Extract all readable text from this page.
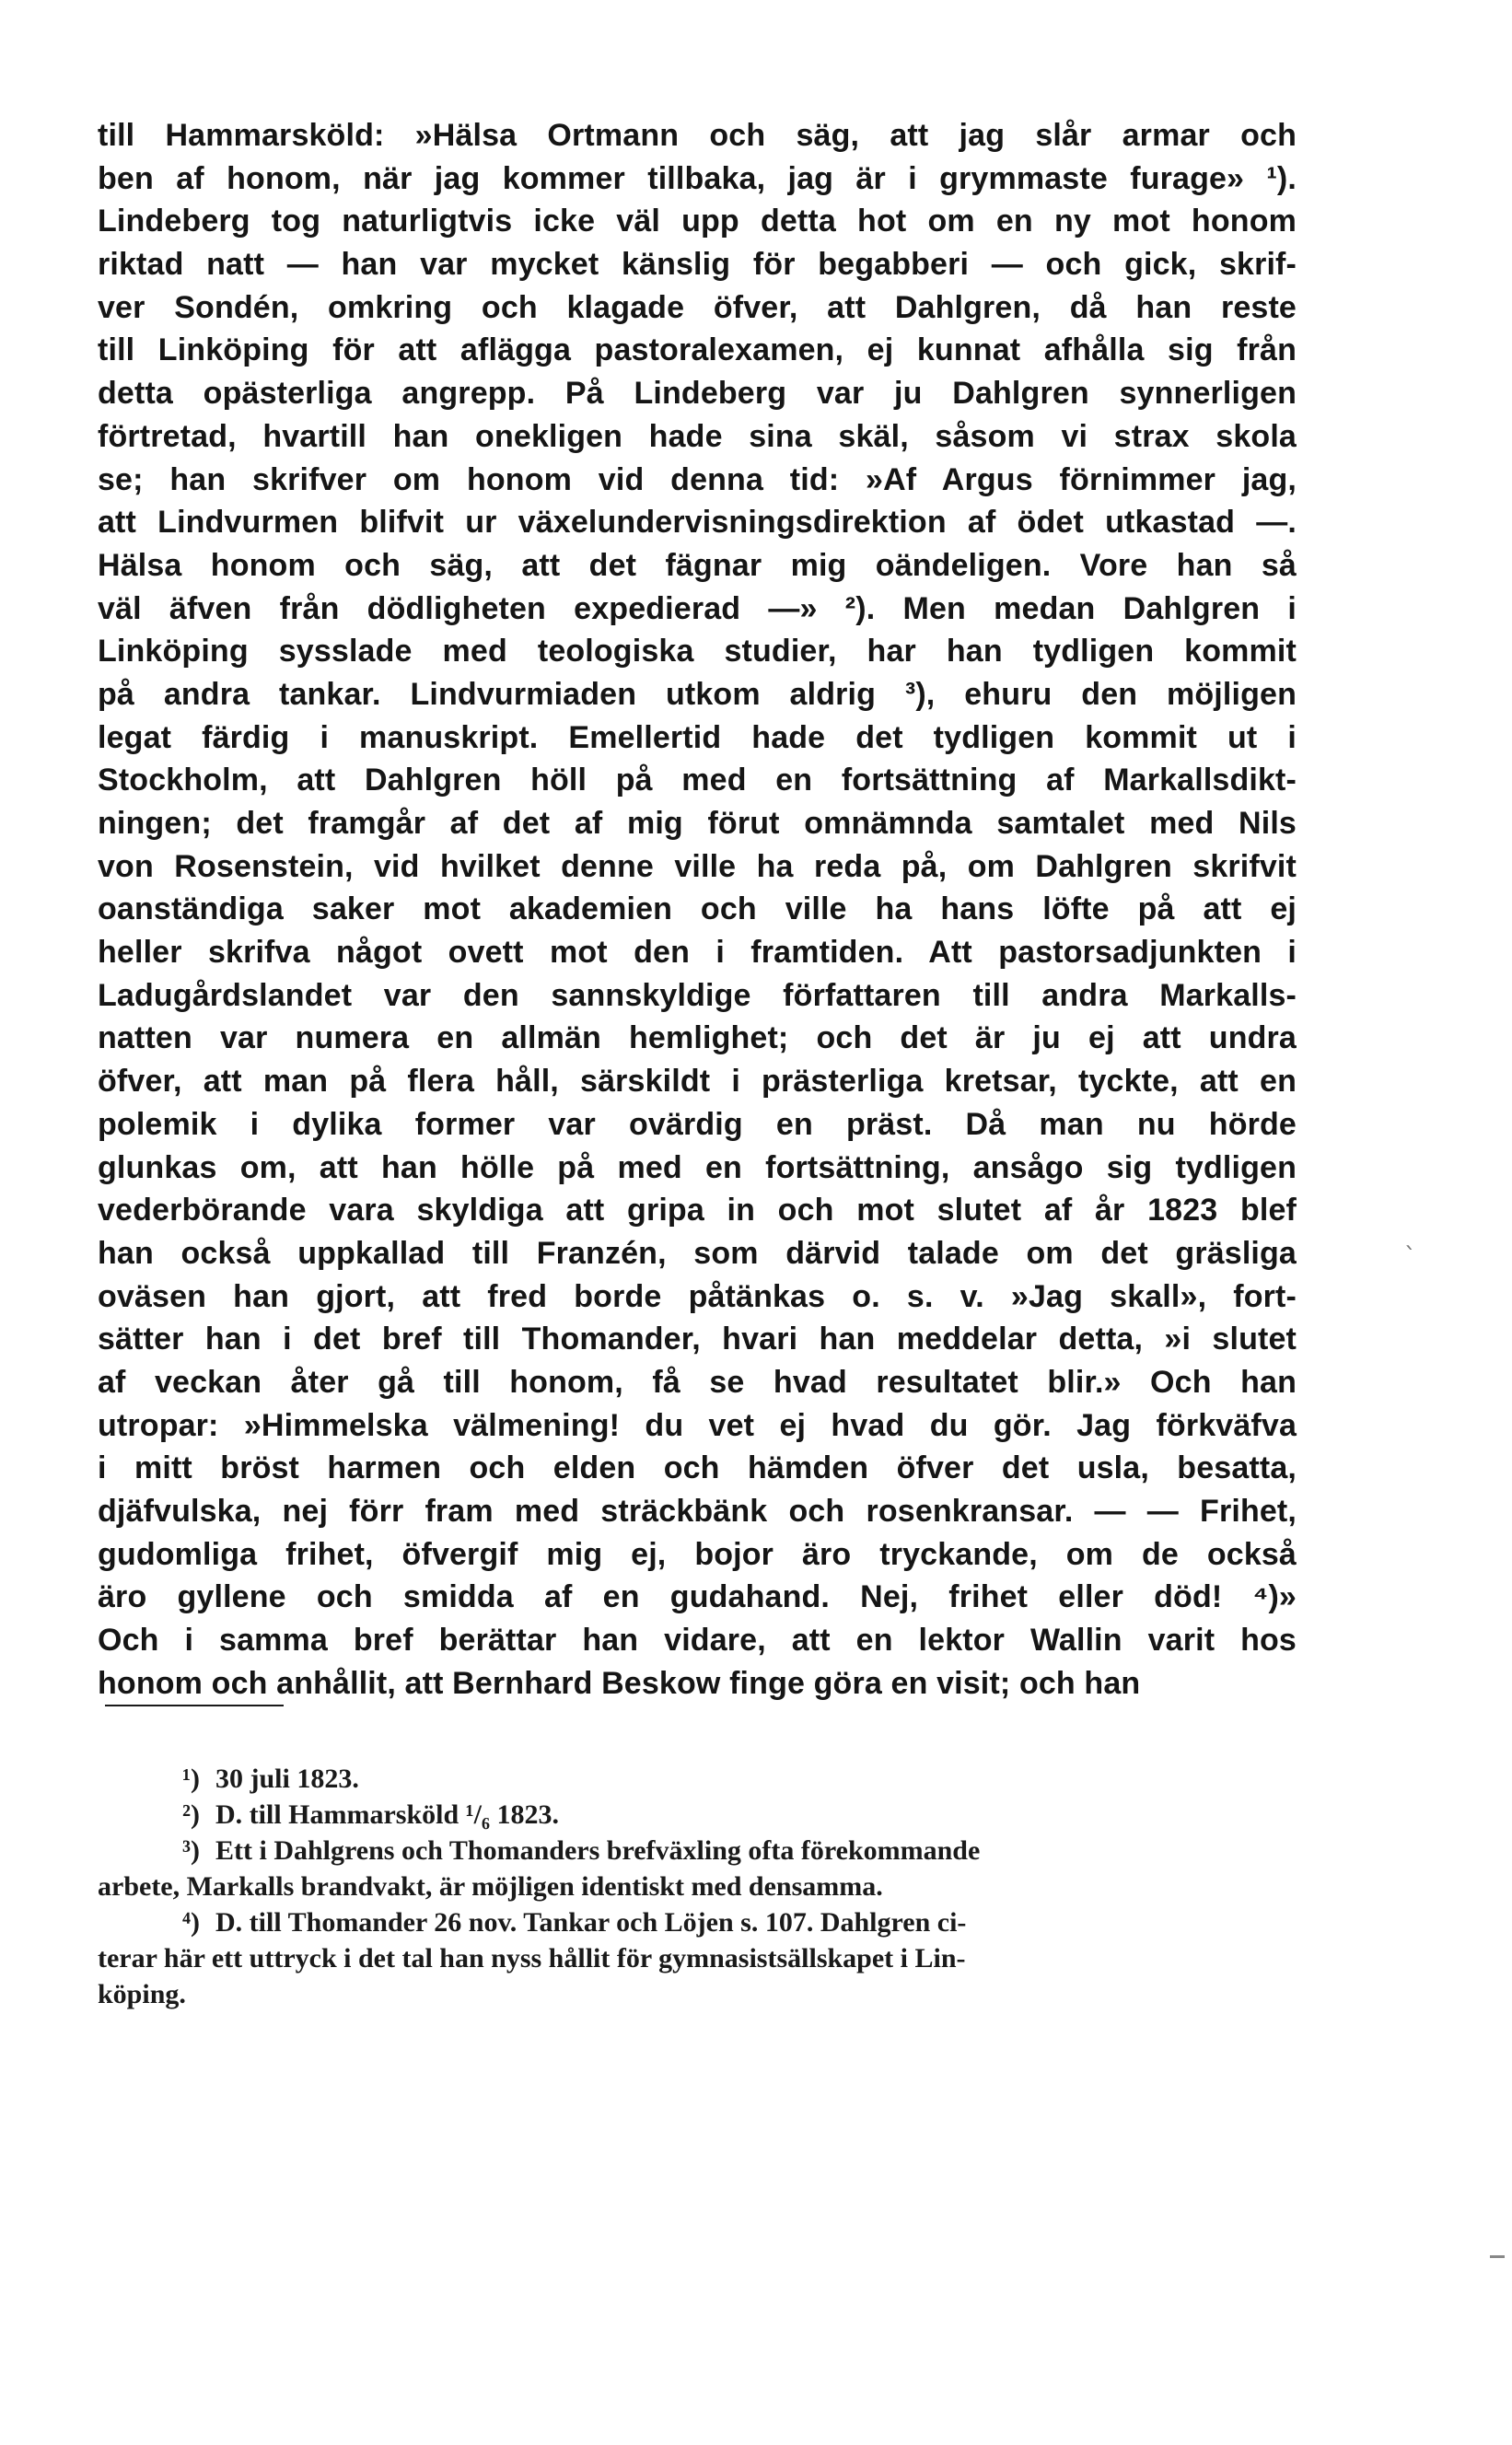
till Hammarsköld: »Hälsa Ortmann och säg, att jag slår armar och
ben af honom, när jag kommer tillbaka, jag är i grymmaste furage» ¹).
Lindeberg tog naturligtvis icke väl upp detta hot om en ny mot honom
riktad natt — han var mycket känslig för begabberi — och gick, skrif-
ver Sondén, omkring och klagade öfver, att Dahlgren, då han reste
till Linköping för att aflägga pastoralexamen, ej kunnat afhålla sig från
detta opästerliga angrepp. På Lindeberg var ju Dahlgren synnerligen
förtretad, hvartill han onekligen hade sina skäl, såsom vi strax skola
se; han skrifver om honom vid denna tid: »Af Argus förnimmer jag,
att Lindvurmen blifvit ur växelundervisningsdirektion af ödet utkastad —.
Hälsa honom och säg, att det fägnar mig oändeligen. Vore han så
väl äfven från dödligheten expedierad —» ²). Men medan Dahlgren i
Linköping sysslade med teologiska studier, har han tydligen kommit
på andra tankar. Lindvurmiaden utkom aldrig ³), ehuru den möjligen
legat färdig i manuskript. Emellertid hade det tydligen kommit ut i
Stockholm, att Dahlgren höll på med en fortsättning af Markallsdikt-
ningen; det framgår af det af mig förut omnämnda samtalet med Nils
von Rosenstein, vid hvilket denne ville ha reda på, om Dahlgren skrifvit
oanständiga saker mot akademien och ville ha hans löfte på att ej
heller skrifva något ovett mot den i framtiden. Att pastorsadjunkten i
Ladugårdslandet var den sannskyldige författaren till andra Markalls-
natten var numera en allmän hemlighet; och det är ju ej att undra
öfver, att man på flera håll, särskildt i prästerliga kretsar, tyckte, att en
polemik i dylika former var ovärdig en präst. Då man nu hörde
glunkas om, att han hölle på med en fortsättning, ansågo sig tydligen
vederbörande vara skyldiga att gripa in och mot slutet af år 1823 blef
han också uppkallad till Franzén, som därvid talade om det gräsliga
oväsen han gjort, att fred borde påtänkas o. s. v. »Jag skall», fort-
sätter han i det bref till Thomander, hvari han meddelar detta, »i slutet
af veckan åter gå till honom, få se hvad resultatet blir.» Och han
utropar: »Himmelska välmening! du vet ej hvad du gör. Jag förkväfva
i mitt bröst harmen och elden och hämden öfver det usla, besatta,
djäfvulska, nej förr fram med sträckbänk och rosenkransar. — — Frihet,
gudomliga frihet, öfvergif mig ej, bojor äro tryckande, om de också
äro gyllene och smidda af en gudahand. Nej, frihet eller död! ⁴)»
Och i samma bref berättar han vidare, att en lektor Wallin varit hos
honom och anhållit, att Bernhard Beskow finge göra en visit; och han
¹) 30 juli 1823.
²) D. till Hammarsköld ¹/₆ 1823.
³) Ett i Dahlgrens och Thomanders brefväxling ofta förekommande
arbete, Markalls brandvakt, är möjligen identiskt med densamma.
⁴) D. till Thomander 26 nov. Tankar och Löjen s. 107. Dahlgren ci-
terar här ett uttryck i det tal han nyss hållit för gymnasistsällskapet i Lin-
köping.
ˋ
